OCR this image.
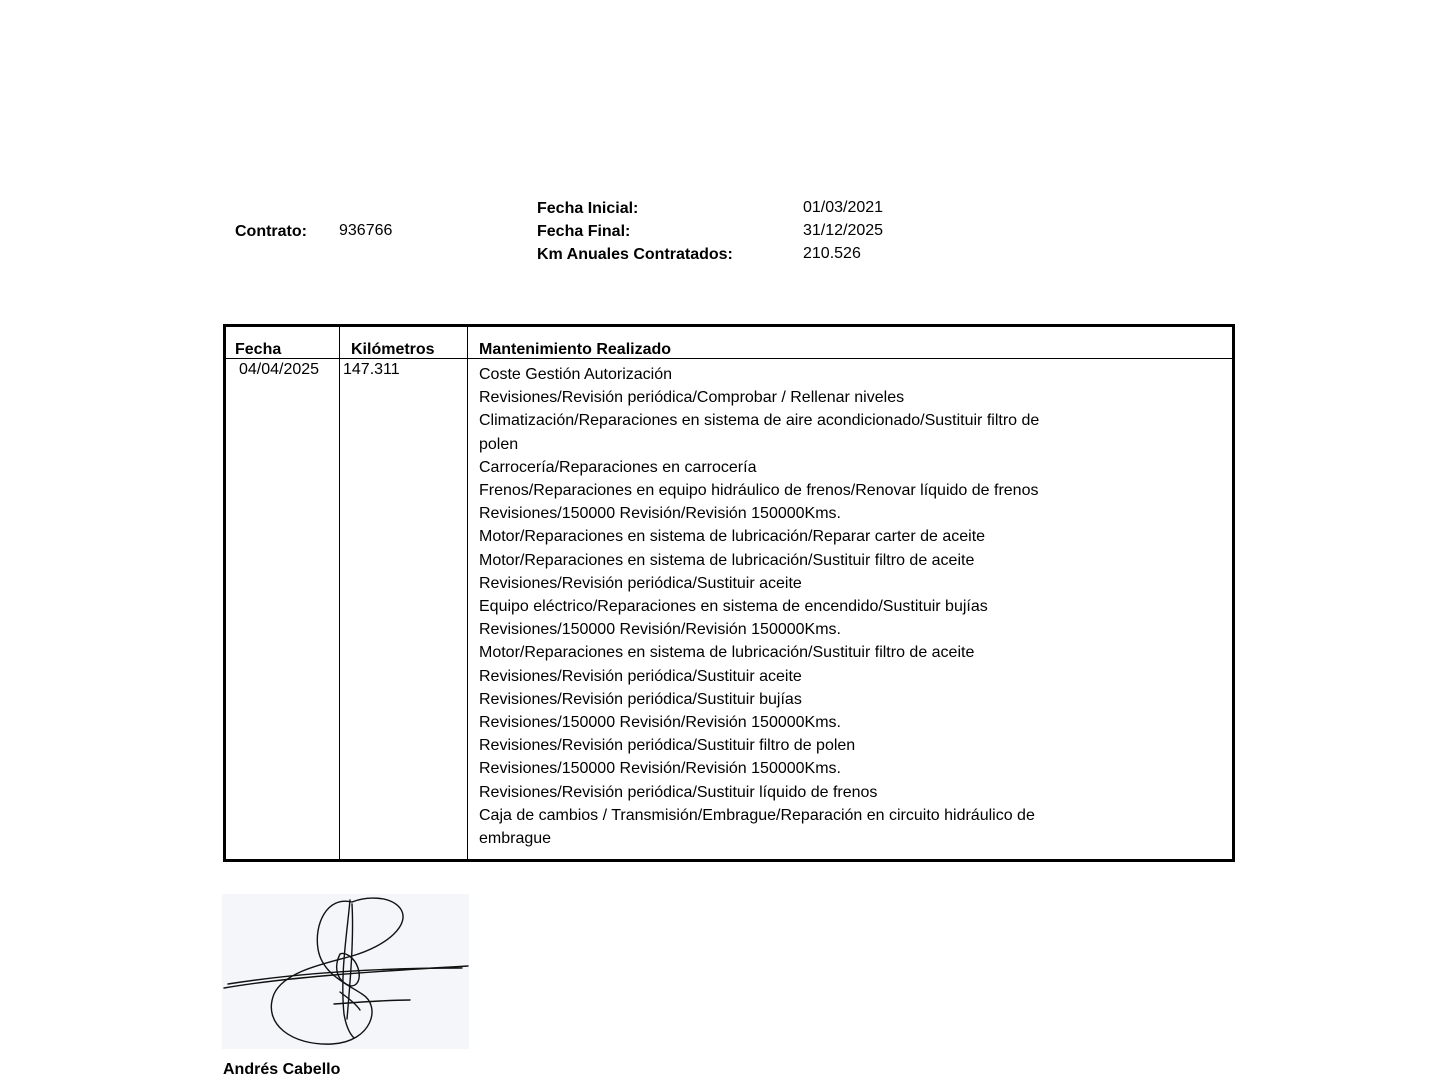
Contrato: 936766
Fecha Inicial:	01/03/2021
Fecha Final:	31/12/2025
Km Anuales Contratados:	210.526
Fecha	Kilómetros	Mantenimiento Realizado
04/04/2025 147.311	Coste Gestión Autorización
Revisiones/Revisión periódica/Comprobar / Rellenar niveles
Climatización/Reparaciones en sistema de aire acondicionado/Sustituir filtro de
polen
Carrocería/Reparaciones en carrocería
Frenos/Reparaciones en equipo hidráulico de frenos/Renovar líquido de frenos
Revisiones/150000 Revisión/Revisión 150000Kms.
Motor/Reparaciones en sistema de lubricación/Reparar carter de aceite
Motor/Reparaciones en sistema de lubricación/Sustituir filtro de aceite
Revisiones/Revisión periódica/Sustituir aceite
Equipo eléctrico/Reparaciones en sistema de encendido/Sustituir bujías
Revisiones/150000 Revisión/Revisión 150000Kms.
Motor/Reparaciones en sistema de lubricación/Sustituir filtro de aceite
Revisiones/Revisión periódica/Sustituir aceite
Revisiones/Revisión periódica/Sustituir bujías
Revisiones/150000 Revisión/Revisión 150000Kms.
Revisiones/Revisión periódica/Sustituir filtro de polen
Revisiones/150000 Revisión/Revisión 150000Kms.
Revisiones/Revisión periódica/Sustituir líquido de frenos
Caja de cambios / Transmisión/Embrague/Reparación en circuito hidráulico de
embrague
Andrés Cabello
